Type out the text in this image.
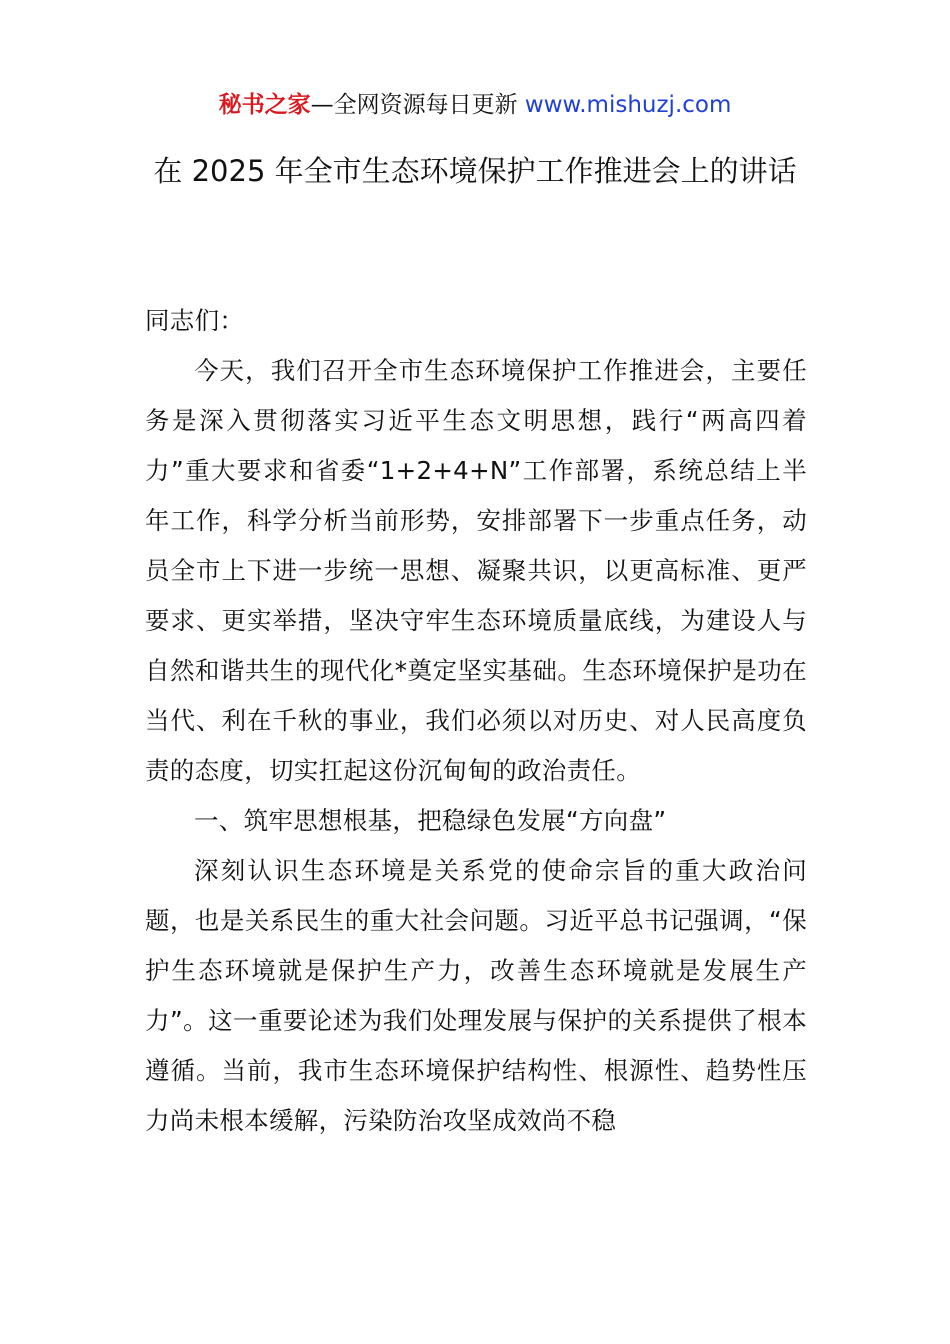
秘书之家—全网资源每日更新 www.mishuzj.com
在 2025 年全市生态环境保护工作推进会上的讲话

同志们：

今天，我们召开全市生态环境保护工作推进会，主要任务是深入贯彻落实习近平生态文明思想，践行“两高四着力”重大要求和省委“1+2+4+N”工作部署，系统总结上半年工作，科学分析当前形势，安排部署下一步重点任务，动员全市上下进一步统一思想、凝聚共识，以更高标准、更严要求、更实举措，坚决守牢生态环境质量底线，为建设人与自然和谐共生的现代化*奠定坚实基础。生态环境保护是功在当代、利在千秋的事业，我们必须以对历史、对人民高度负责的态度，切实扛起这份沉甸甸的政治责任。

一、筑牢思想根基，把稳绿色发展“方向盘”

深刻认识生态环境是关系党的使命宗旨的重大政治问题，也是关系民生的重大社会问题。习近平总书记强调，“保护生态环境就是保护生产力，改善生态环境就是发展生产力”。这一重要论述为我们处理发展与保护的关系提供了根本遵循。当前，我市生态环境保护结构性、根源性、趋势性压力尚未根本缓解，污染防治攻坚成效尚不稳
